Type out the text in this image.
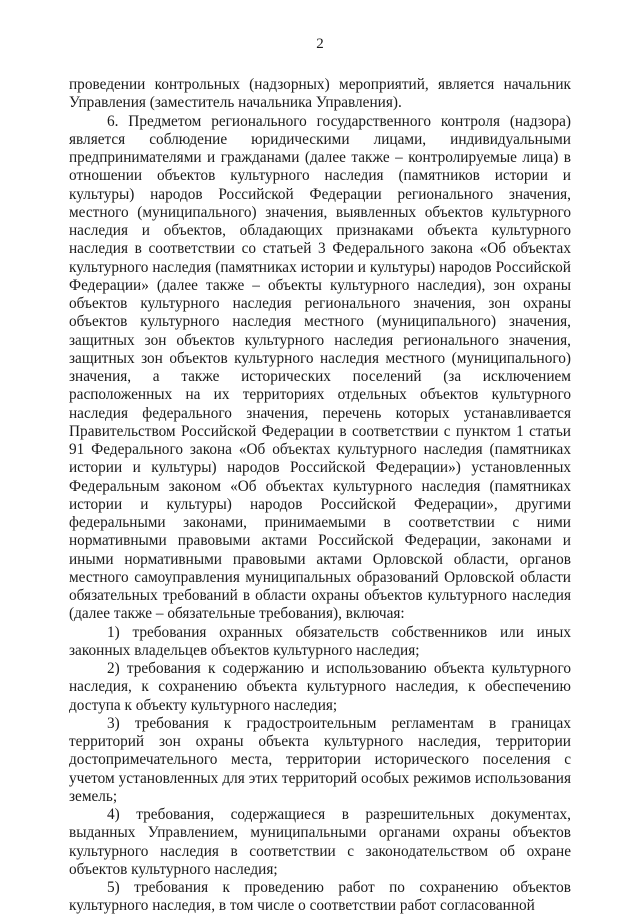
2

проведении контрольных (надзорных) мероприятий, является начальник Управления (заместитель начальника Управления).

6. Предметом регионального государственного контроля (надзора) является соблюдение юридическими лицами, индивидуальными предпринимателями и гражданами (далее также – контролируемые лица) в отношении объектов культурного наследия (памятников истории и культуры) народов Российской Федерации регионального значения, местного (муниципального) значения, выявленных объектов культурного наследия и объектов, обладающих признаками объекта культурного наследия в соответствии со статьей 3 Федерального закона «Об объектах культурного наследия (памятниках истории и культуры) народов Российской Федерации» (далее также – объекты культурного наследия), зон охраны объектов культурного наследия регионального значения, зон охраны объектов культурного наследия местного (муниципального) значения, защитных зон объектов культурного наследия регионального значения, защитных зон объектов культурного наследия местного (муниципального) значения, а также исторических поселений (за исключением расположенных на их территориях отдельных объектов культурного наследия федерального значения, перечень которых устанавливается Правительством Российской Федерации в соответствии с пунктом 1 статьи 91 Федерального закона «Об объектах культурного наследия (памятниках истории и культуры) народов Российской Федерации») установленных Федеральным законом «Об объектах культурного наследия (памятниках истории и культуры) народов Российской Федерации», другими федеральными законами, принимаемыми в соответствии с ними нормативными правовыми актами Российской Федерации, законами и иными нормативными правовыми актами Орловской области, органов местного самоуправления муниципальных образований Орловской области обязательных требований в области охраны объектов культурного наследия (далее также – обязательные требования), включая:

1) требования охранных обязательств собственников или иных законных владельцев объектов культурного наследия;

2) требования к содержанию и использованию объекта культурного наследия, к сохранению объекта культурного наследия, к обеспечению доступа к объекту культурного наследия;

3) требования к градостроительным регламентам в границах территорий зон охраны объекта культурного наследия, территории достопримечательного места, территории исторического поселения с учетом установленных для этих территорий особых режимов использования земель;

4) требования, содержащиеся в разрешительных документах, выданных Управлением, муниципальными органами охраны объектов культурного наследия в соответствии с законодательством об охране объектов культурного наследия;

5) требования к проведению работ по сохранению объектов культурного наследия, в том числе о соответствии работ согласованной
